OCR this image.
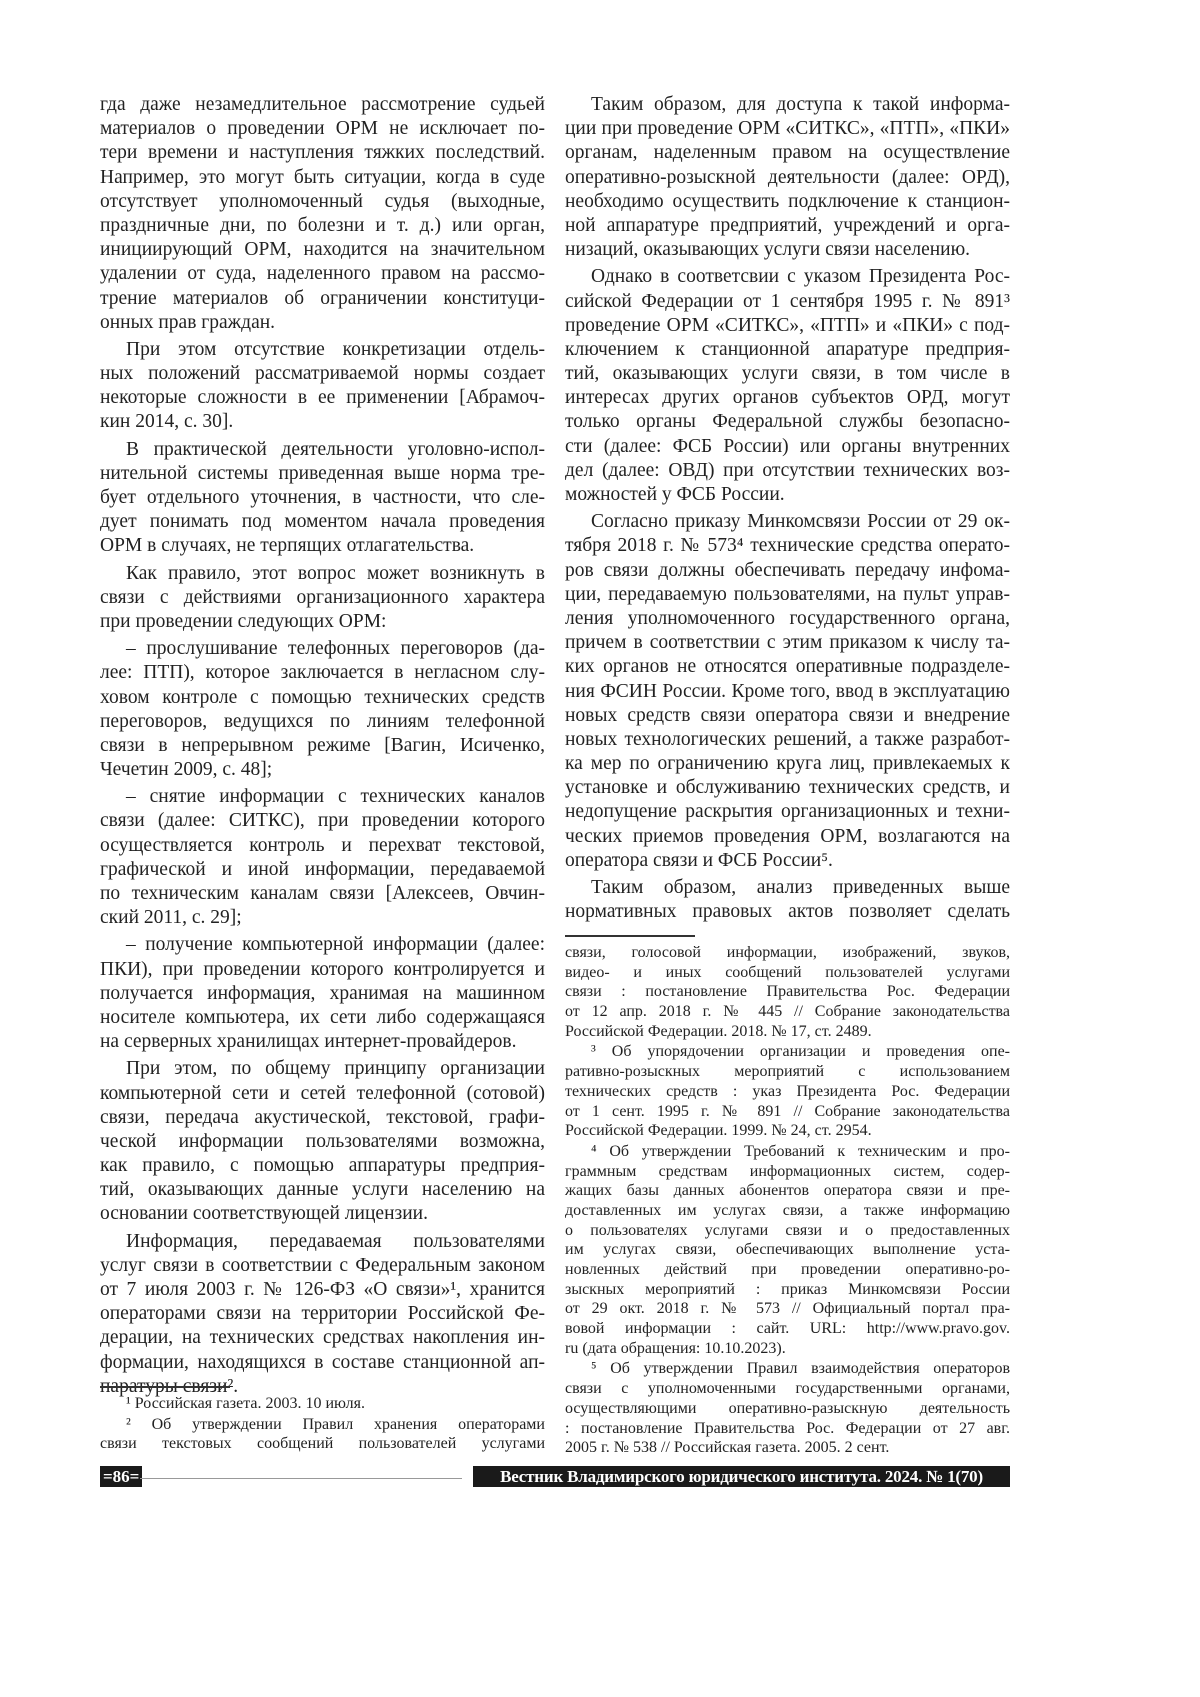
гда даже незамедлительное рассмотрение судьей
материалов о проведении ОРМ не исключает по-
тери времени и наступления тяжких последствий.
Например, это могут быть ситуации, когда в суде
отсутствует уполномоченный судья (выходные,
праздничные дни, по болезни и т. д.) или орган,
инициирующий ОРМ, находится на значительном
удалении от суда, наделенного правом на рассмо-
трение материалов об ограничении конституци-
онных прав граждан.
При этом отсутствие конкретизации отдель-
ных положений рассматриваемой нормы создает
некоторые сложности в ее применении [Абрамоч-
кин 2014, с. 30].
В практической деятельности уголовно-испол-
нительной системы приведенная выше норма тре-
бует отдельного уточнения, в частности, что сле-
дует понимать под моментом начала проведения
ОРМ в случаях, не терпящих отлагательства.
Как правило, этот вопрос может возникнуть в
связи с действиями организационного характера
при проведении следующих ОРМ:
– прослушивание телефонных переговоров (да-
лее: ПТП), которое заключается в негласном слу-
ховом контроле с помощью технических средств
переговоров, ведущихся по линиям телефонной
связи в непрерывном режиме [Вагин, Исиченко,
Чечетин 2009, с. 48];
– снятие информации с технических каналов
связи (далее: СИТКС), при проведении которого
осуществляется контроль и перехват текстовой,
графической и иной информации, передаваемой
по техническим каналам связи [Алексеев, Овчин-
ский 2011, с. 29];
– получение компьютерной информации (далее:
ПКИ), при проведении которого контролируется и
получается информация, хранимая на машинном
носителе компьютера, их сети либо содержащаяся
на серверных хранилищах интернет-провайдеров.
При этом, по общему принципу организации
компьютерной сети и сетей телефонной (сотовой)
связи, передача акустической, текстовой, графи-
ческой информации пользователями возможна,
как правило, с помощью аппаратуры предприя-
тий, оказывающих данные услуги населению на
основании соответствующей лицензии.
Информация, передаваемая пользователями
услуг связи в соответствии с Федеральным законом
от 7 июля 2003 г. № 126-ФЗ «О связи»¹, хранится
операторами связи на территории Российской Фе-
дерации, на технических средствах накопления ин-
формации, находящихся в составе станционной ап-
¹ Российская газета. 2003. 10 июля.
² Об утверждении Правил хранения операторами
связи текстовых сообщений пользователей услугами
Таким образом, для доступа к такой информа-
ции при проведение ОРМ «СИТКС», «ПТП», «ПКИ»
органам, наделенным правом на осуществление
оперативно-розыскной деятельности (далее: ОРД),
необходимо осуществить подключение к станцион-
ной аппаратуре предприятий, учреждений и орга-
низаций, оказывающих услуги связи населению.
Однако в соответсвии с указом Президента Рос-
сийской Федерации от 1 сентября 1995 г. № 891³
проведение ОРМ «СИТКС», «ПТП» и «ПКИ» с под-
ключением к станционной апаратуре предприя-
тий, оказывающих услуги связи, в том числе в
интересах других органов субъектов ОРД, могут
только органы Федеральной службы безопасно-
сти (далее: ФСБ России) или органы внутренних
дел (далее: ОВД) при отсутствии технических воз-
можностей у ФСБ России.
Согласно приказу Минкомсвязи России от 29 ок-
тября 2018 г. № 573⁴ технические средства операто-
ров связи должны обеспечивать передачу инфома-
ции, передаваемую пользователями, на пульт управ-
ления уполномоченного государственного органа,
причем в соответствии с этим приказом к числу та-
ких органов не относятся оперативные подразделе-
ния ФСИН России. Кроме того, ввод в эксплуатацию
новых средств связи оператора связи и внедрение
новых технологических решений, а также разработ-
ка мер по ограничению круга лиц, привлекаемых к
установке и обслуживанию технических средств, и
недопущение раскрытия организационных и техни-
ческих приемов проведения ОРМ, возлагаются на
оператора связи и ФСБ России⁵.
Таким образом, анализ приведенных выше
нормативных правовых актов позволяет сделать
связи, голосовой информации, изображений, звуков,
видео- и иных сообщений пользователей услугами
связи : постановление Правительства Рос. Федерации
от 12 апр. 2018 г. № 445 // Собрание законодательства
Российской Федерации. 2018. № 17, ст. 2489.
³ Об упорядочении организации и проведения опе-
ративно-розыскных мероприятий с использованием
технических средств : указ Президента Рос. Федерации
от 1 сент. 1995 г. № 891 // Собрание законодательства
Российской Федерации. 1999. № 24, ст. 2954.
⁴ Об утверждении Требований к техническим и про-
граммным средствам информационных систем, содер-
жащих базы данных абонентов оператора связи и пре-
доставленных им услугах связи, а также информацию
о пользователях услугами связи и о предоставленных
им услугах связи, обеспечивающих выполнение уста-
новленных действий при проведении оперативно-ро-
зыскных мероприятий : приказ Минкомсвязи России
от 29 окт. 2018 г. № 573 // Официальный портал пра-
вовой информации : сайт. URL: http://www.pravo.gov.
ru (дата обращения: 10.10.2023).
⁵ Об утверждении Правил взаимодействия операторов
связи с уполномоченными государственными органами,
осуществляющими оперативно-разыскную деятельность
: постановление Правительства Рос. Федерации от 27 авг.
2005 г. № 538 // Российская газета. 2005. 2 сент.
=86=	Вестник Владимирского юридического института. 2024. № 1(70)
